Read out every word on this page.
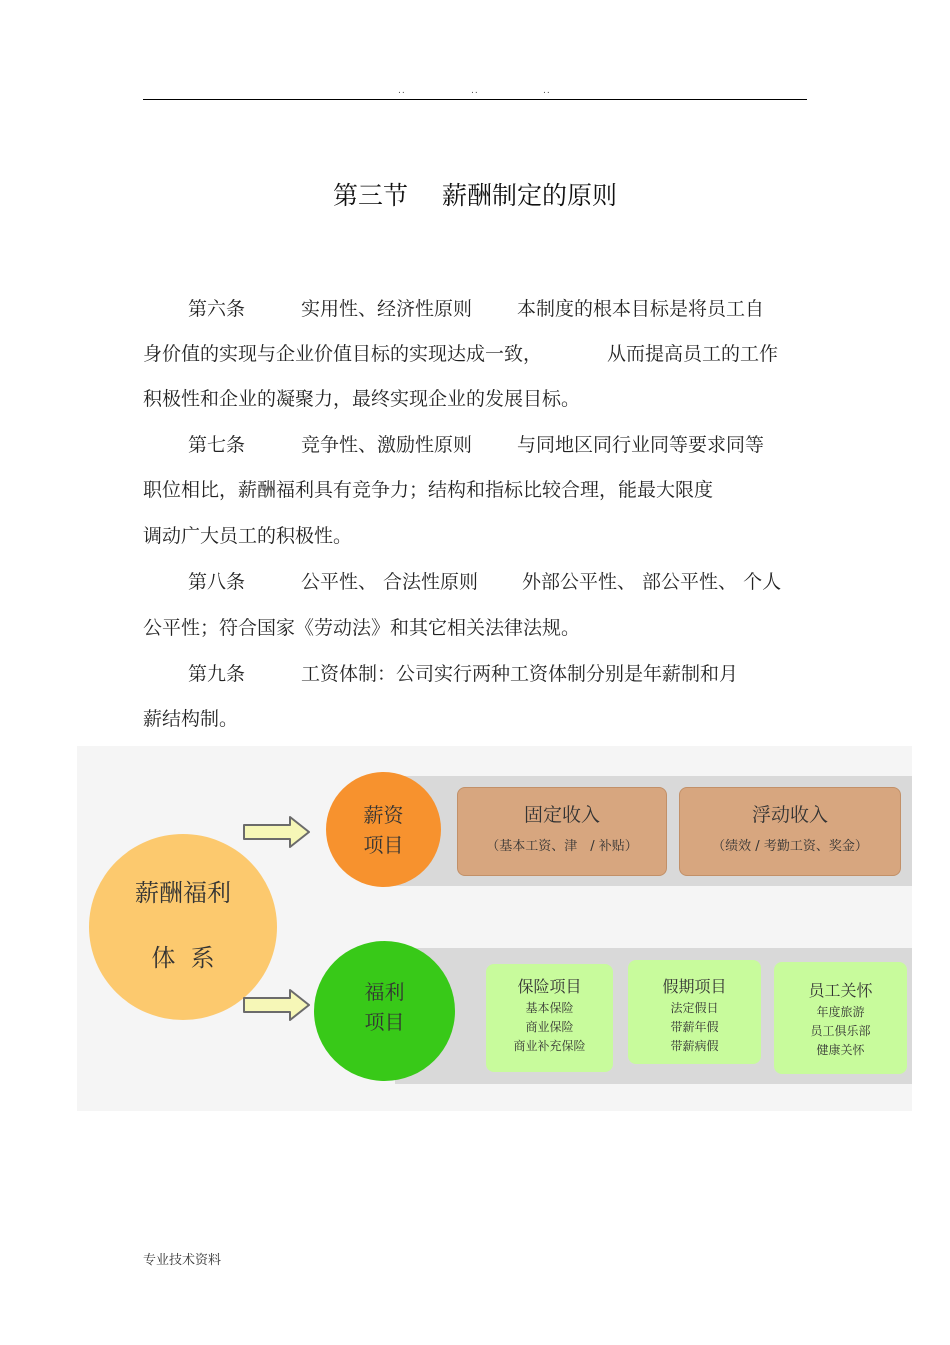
..	..	..
第三节 薪酬制定的原则
第六条	实用性、经济性原则 本制度的根本目标是将员工自
身价值的实现与企业价值目标的实现达成一致，	从而提高员工的工作
积极性和企业的凝聚力，最终实现企业的发展目标。
第七条	竞争性、激励性原则 与同地区同行业同等要求同等
职位相比，薪酬福利具有竞争力；结构和指标比较合理，能最大限度
调动广大员工的积极性。
第八条	公平性、 合法性原则 外部公平性、 部公平性、 个人
公平性；符合国家《劳动法》和其它相关法律法规。
第九条	工资体制：公司实行两种工资体制分别是年薪制和月
薪结构制。
薪酬福利
体  系
薪资
项目
福利
项目
固定收入
（基本工资、津　/ 补贴）
浮动收入
（绩效 / 考勤工资、奖金）
保险项目
基本保险
商业保险
商业补充保险
假期项目
法定假日
带薪年假
带薪病假
员工关怀
年度旅游
员工俱乐部
健康关怀
专业技术资料
